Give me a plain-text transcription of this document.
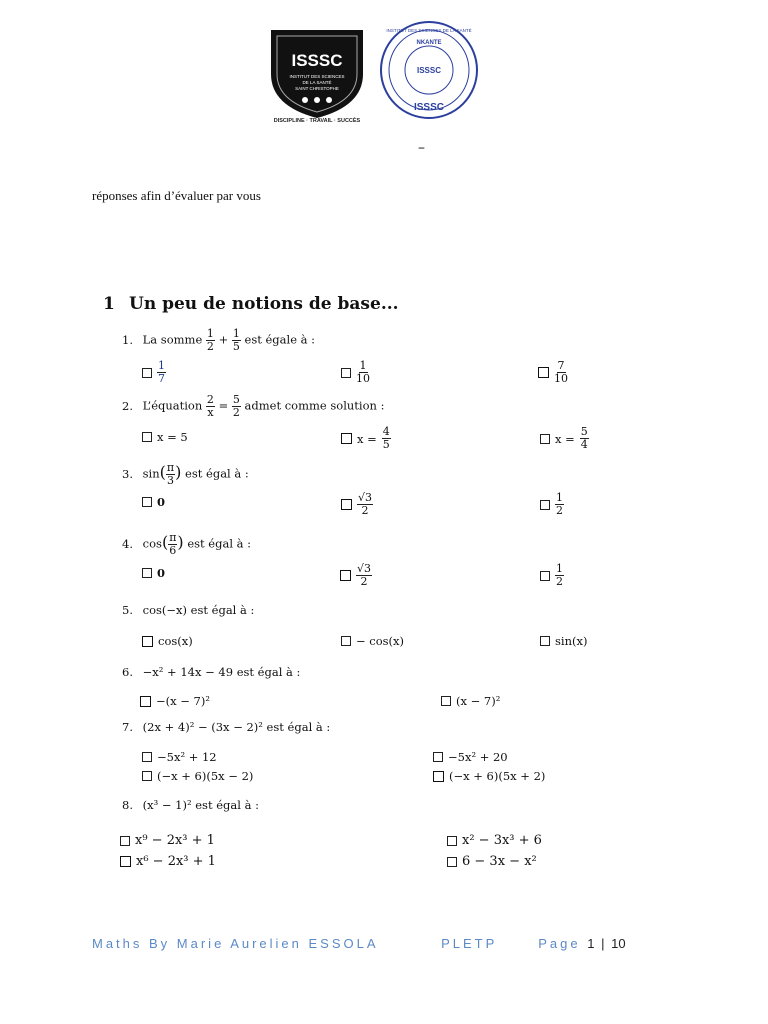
ISSSC
INSTITUT DES SCIENCES
DE LA SANTÉ
SAINT CHRISTOPHE
DISCIPLINE · TRAVAIL · SUCCÈS
NKANTE
ISSSC
ISSSC
INSTITUT DES SCIENCES DE LA SANTÉ
–
réponses afin d’évaluer par vous
1 Un peu de notions de base...
1. La somme $\frac{1}{2} + \frac{1}{5}$ est égale à :
$\frac{1}{7}$	$\frac{1}{10}$	$\frac{7}{10}$
2. L’équation $\frac{2}{x} = \frac{5}{2}$ admet comme solution :
x = 5	$x = \frac{4}{5}$	$x = \frac{5}{4}$
3. $\sin( \frac{\pi}{3}$ ) est égal à :
0	$\frac{√3}{2}$	$\frac{1}{2}$
4. $\cos( \frac{\pi}{6}$ ) est égal à :
0	$\frac{√3}{2}$	$\frac{1}{2}$
5. cos(−x) est égal à :
cos(x)	− cos(x)	sin(x)
6. −x² + 14x − 49 est égal à :
−(x − 7)²	(x − 7)²
7. (2x + 4)² − (3x − 2)² est égal à :
−5x² + 12	−5x² + 20
(−x + 6)(5x − 2)	(−x + 6)(5x + 2)
8. (x³ − 1)² est égal à :
x⁹ − 2x³ + 1	x² − 3x³ + 6
x⁶ − 2x³ + 1	6 − 3x − x²
Maths By Marie Aurelien ESSOLA	PLETP	Page 1 | 10
